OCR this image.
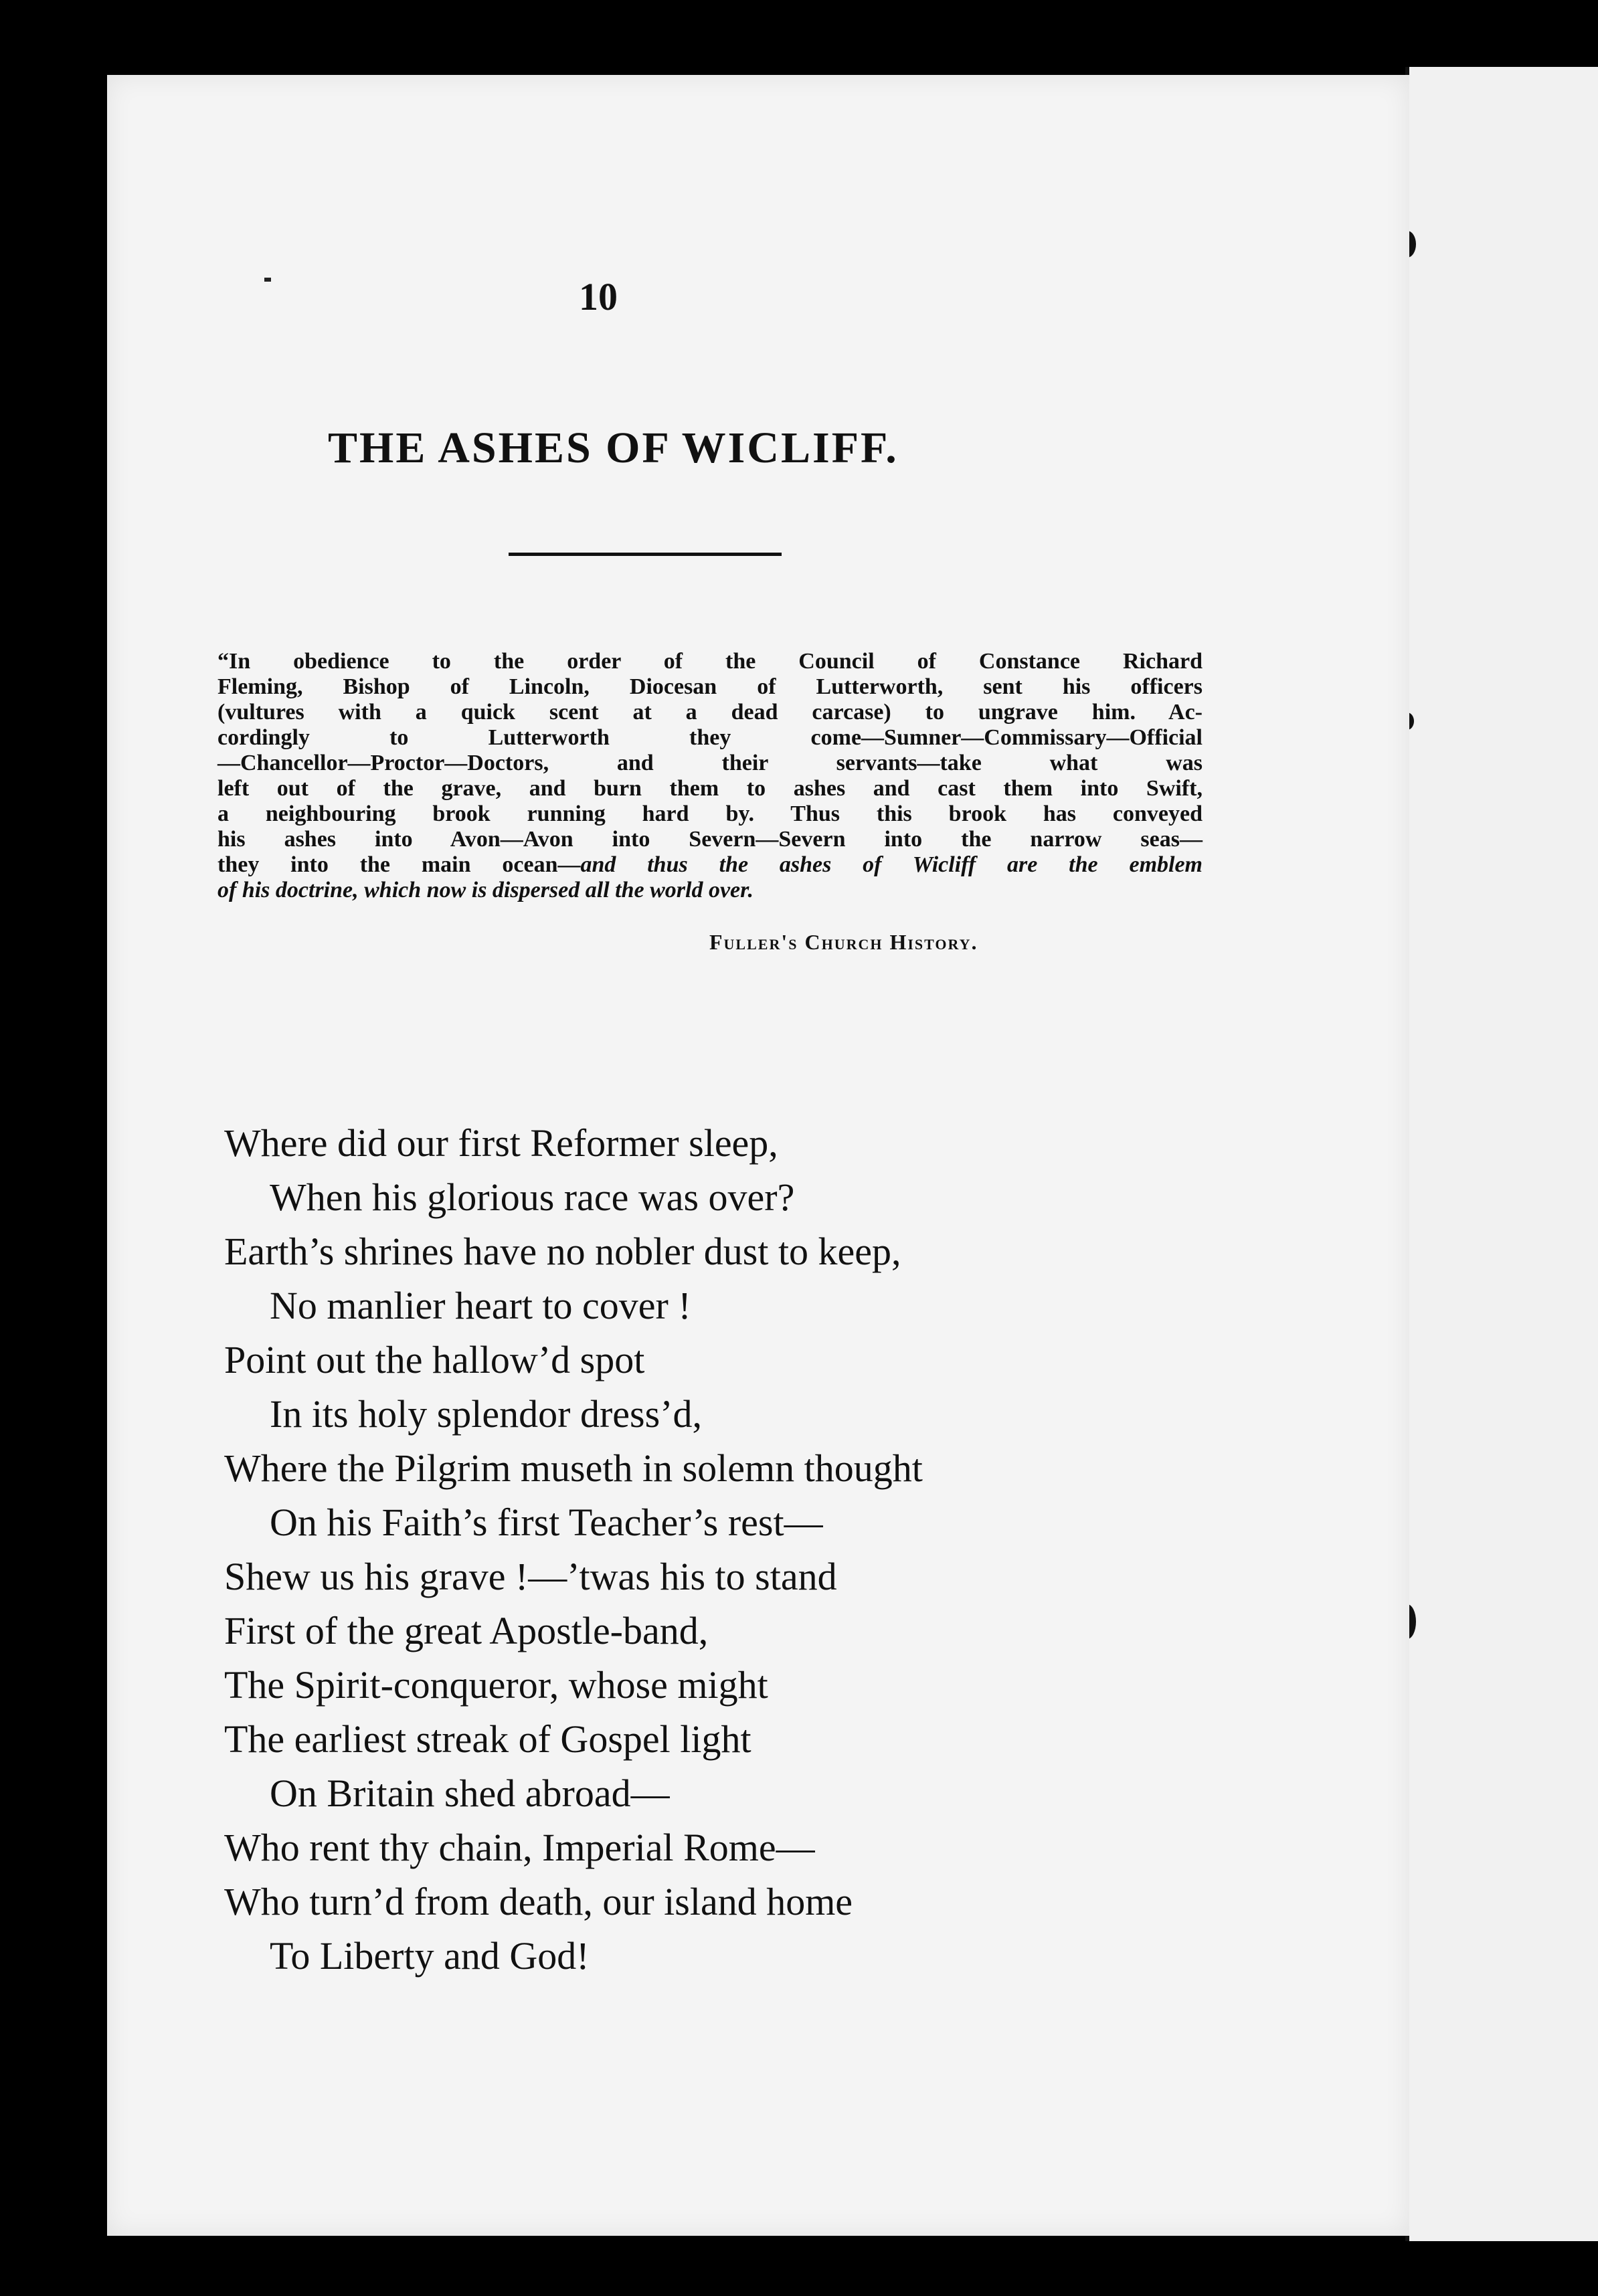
10
THE ASHES OF WICLIFF.
“In obedience to the order of the Council of Constance Richard
Fleming, Bishop of Lincoln, Diocesan of Lutterworth, sent his officers
(vultures with a quick scent at a dead carcase) to ungrave him. Ac-
cordingly to Lutterworth they come—Sumner—Commissary—Official
—Chancellor—Proctor—Doctors, and their servants—take what was
left out of the grave, and burn them to ashes and cast them into Swift,
a neighbouring brook running hard by. Thus this brook has conveyed
his ashes into Avon—Avon into Severn—Severn into the narrow seas—
they into the main ocean—and thus the ashes of Wicliff are the emblem
of his doctrine, which now is dispersed all the world over.
Fuller's Church History.
Where did our first Reformer sleep,
When his glorious race was over?
Earth’s shrines have no nobler dust to keep,
No manlier heart to cover !
Point out the hallow’d spot
In its holy splendor dress’d,
Where the Pilgrim museth in solemn thought
On his Faith’s first Teacher’s rest—
Shew us his grave !—’twas his to stand
First of the great Apostle-band,
The Spirit-conqueror, whose might
The earliest streak of Gospel light
On Britain shed abroad—
Who rent thy chain, Imperial Rome—
Who turn’d from death, our island home
To Liberty and God!
